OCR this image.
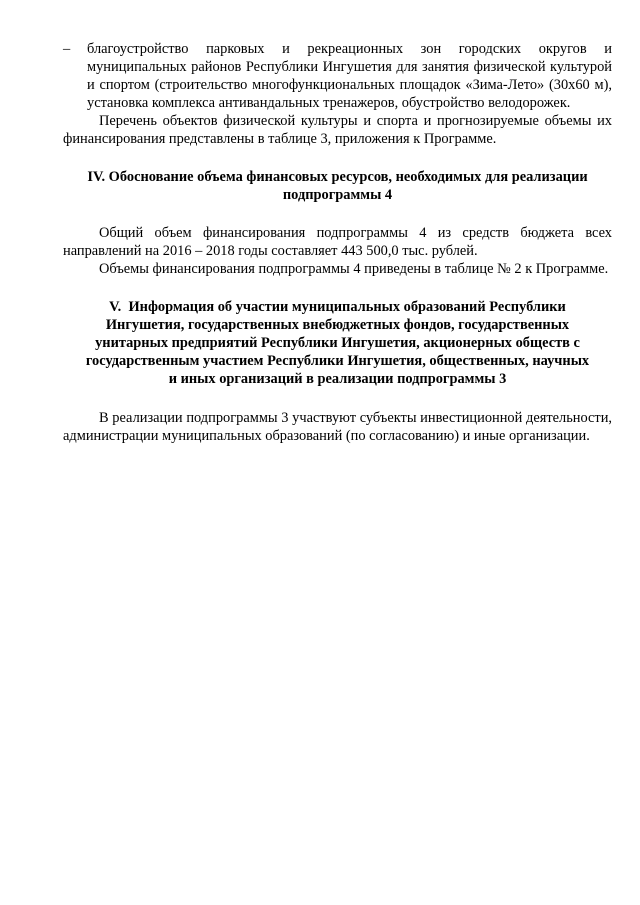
– благоустройство парковых и рекреационных зон городских округов и муниципальных районов Республики Ингушетия для занятия физической культурой и спортом (строительство многофункциональных площадок «Зима-Лето» (30х60 м), установка комплекса антивандальных тренажеров, обустройство велодорожек.

Перечень объектов физической культуры и спорта и прогнозируемые объемы их финансирования представлены в таблице 3, приложения к Программе.

IV. Обоснование объема финансовых ресурсов, необходимых для реализации
подпрограммы 4

Общий объем финансирования подпрограммы 4 из средств бюджета всех направлений на 2016 – 2018 годы составляет 443 500,0 тыс. рублей.

Объемы финансирования подпрограммы 4 приведены в таблице № 2 к Программе.

V.  Информация об участии муниципальных образований Республики
Ингушетия, государственных внебюджетных фондов, государственных
унитарных предприятий Республики Ингушетия, акционерных обществ с
государственным участием Республики Ингушетия, общественных, научных
и иных организаций в реализации подпрограммы 3

В реализации подпрограммы 3 участвуют субъекты инвестиционной деятельности, администрации муниципальных образований (по согласованию) и иные организации.
